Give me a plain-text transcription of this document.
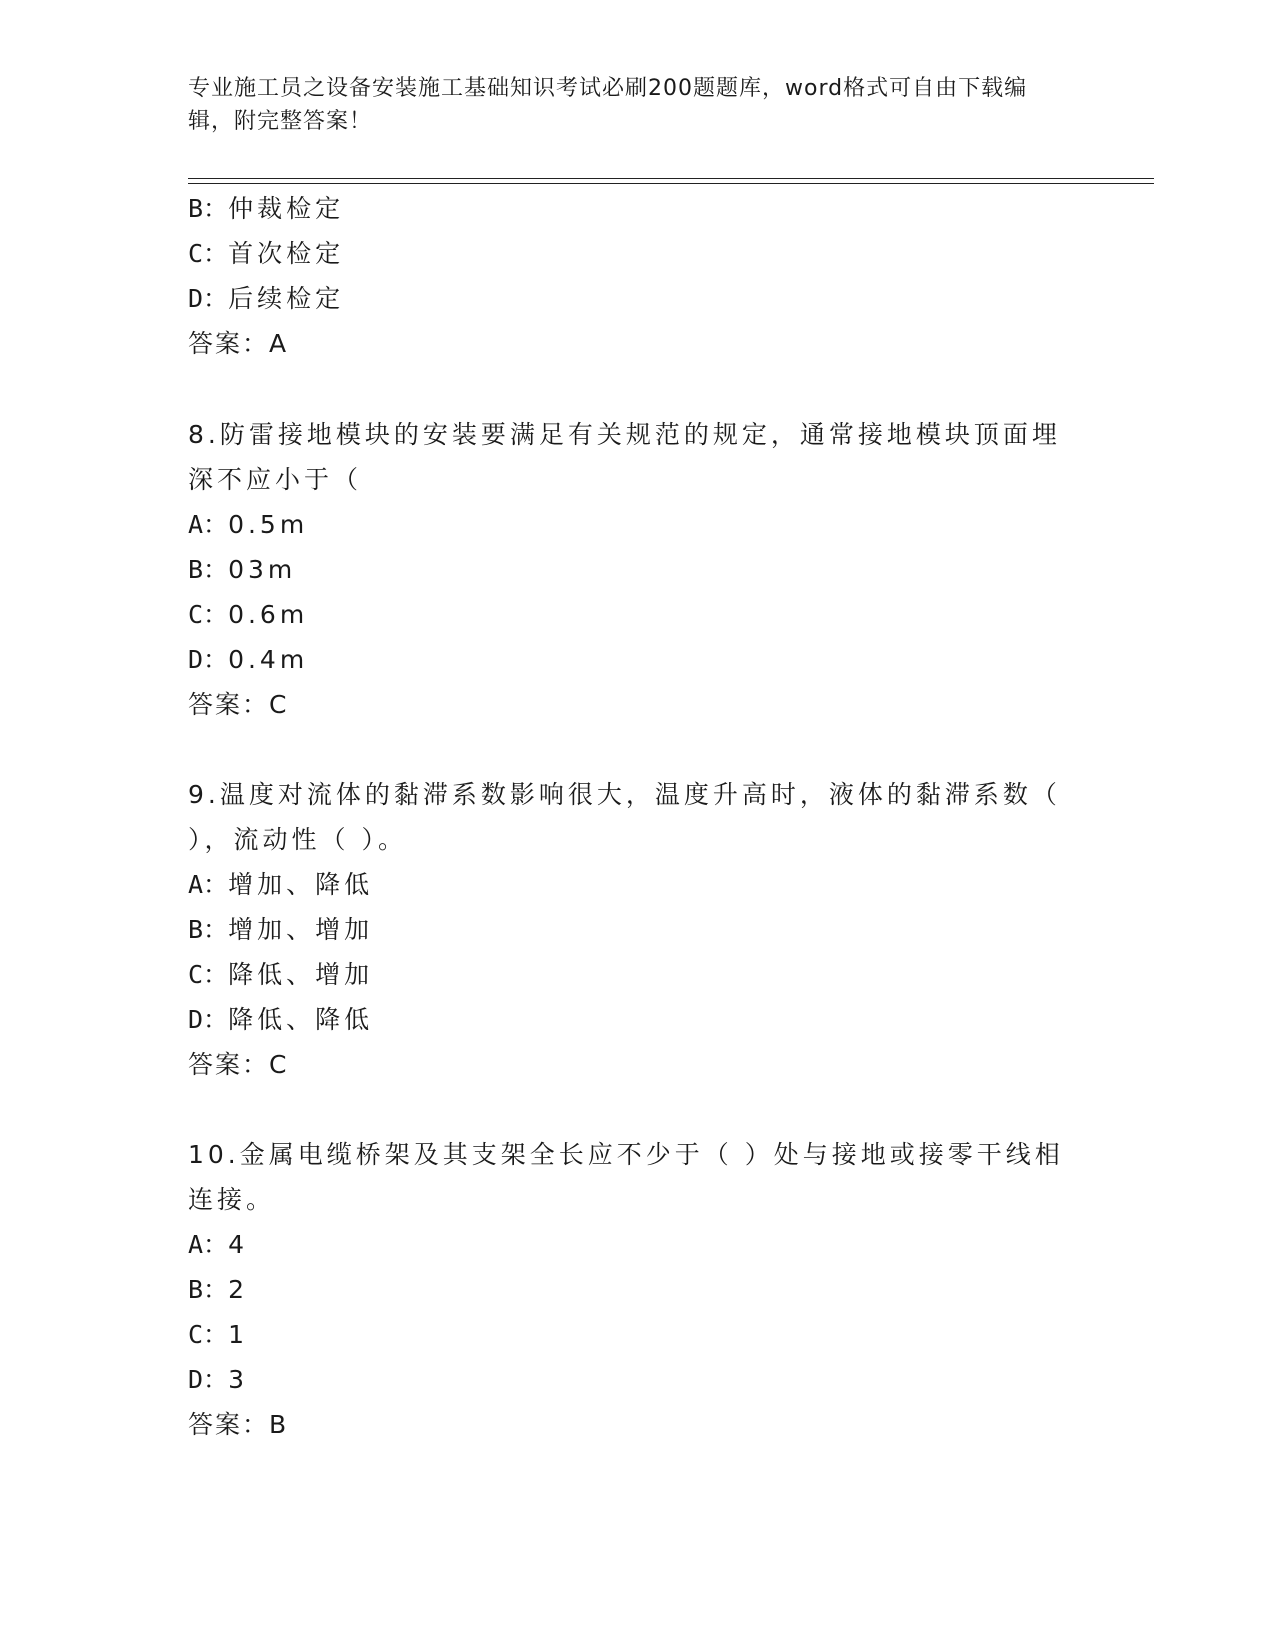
专业施工员之设备安装施工基础知识考试必刷200题题库，word格式可自由下载编辑，附完整答案！

B：仲裁检定
C：首次检定
D：后续检定
答案：A
8.防雷接地模块的安装要满足有关规范的规定，通常接地模块顶面埋
深不应小于（
A：0.5m
B：03m
C：0.6m
D：0.4m
答案：C
9.温度对流体的黏滞系数影响很大，温度升高时，液体的黏滞系数（
），流动性（ ）。
A：增加、降低
B：增加、增加
C：降低、增加
D：降低、降低
答案：C
10.金属电缆桥架及其支架全长应不少于（ ）处与接地或接零干线相
连接。
A：4
B：2
C：1
D：3
答案：B
